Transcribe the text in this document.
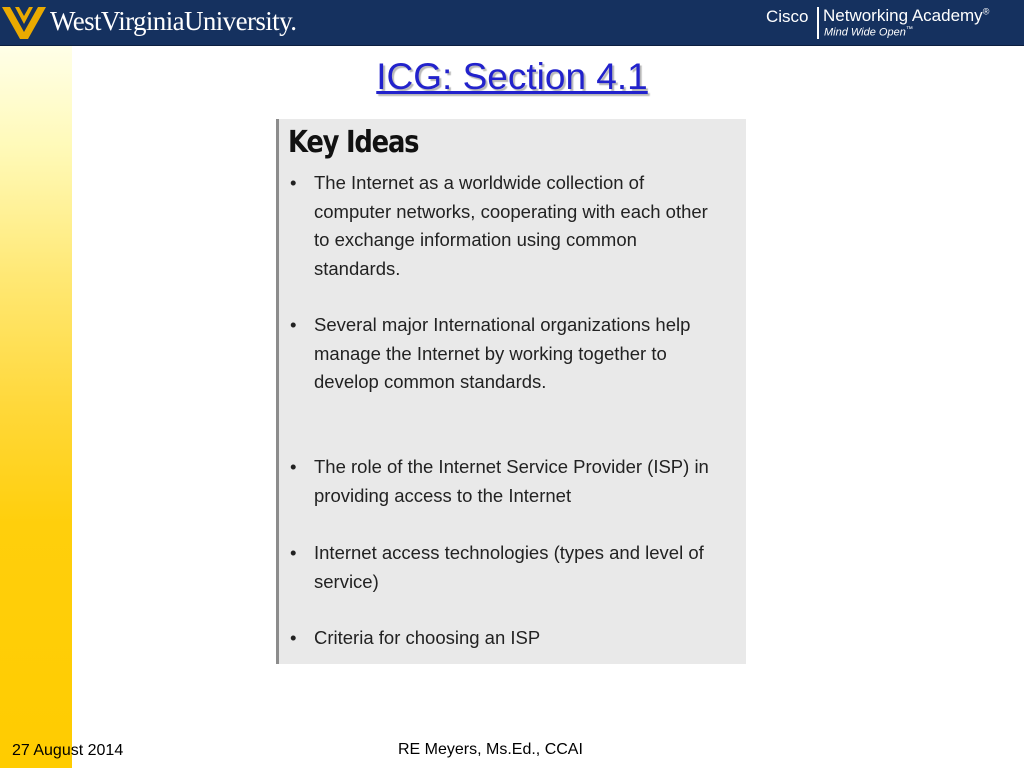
WestVirginiaUniversity.	Cisco Networking Academy®
Mind Wide Open™
ICG: Section 4.1
Key Ideas
• The Internet as a worldwide collection of computer networks, cooperating with each other to exchange information using common standards.
• Several major International organizations help manage the Internet by working together to develop common standards.
• The role of the Internet Service Provider (ISP) in providing access to the Internet
• Internet access technologies (types and level of service)
• Criteria for choosing an ISP
27 August 2014	RE Meyers, Ms.Ed., CCAI
